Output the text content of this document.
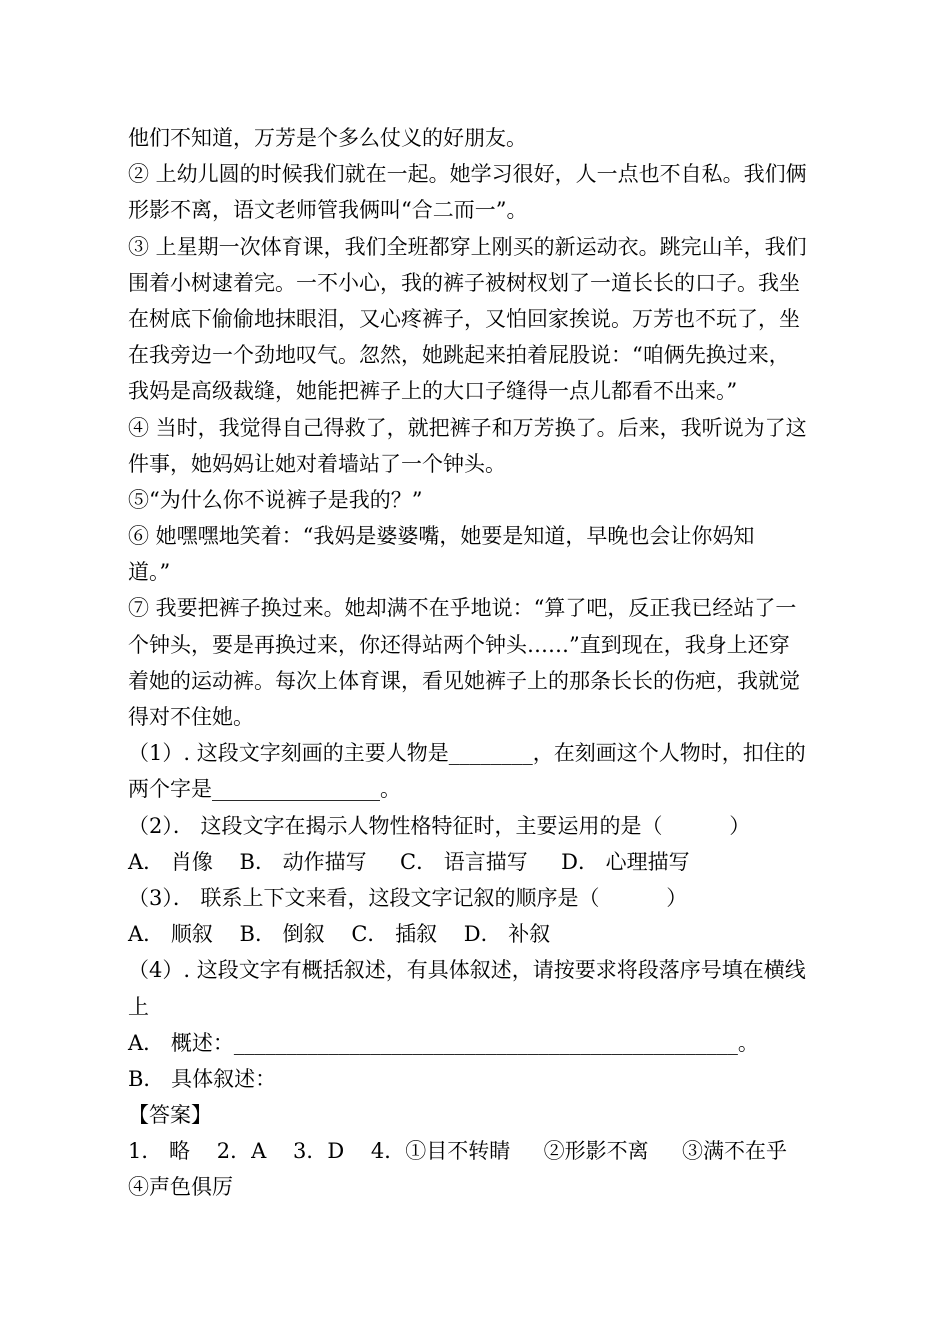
他们不知道，万芳是个多么仗义的好朋友。

② 上幼儿圆的时候我们就在一起。她学习很好，人一点也不自私。我们俩

形影不离，语文老师管我俩叫“合二而一”。

③ 上星期一次体育课，我们全班都穿上刚买的新运动衣。跳完山羊，我们

围着小树逮着完。一不小心，我的裤子被树杈划了一道长长的口子。我坐

在树底下偷偷地抹眼泪，又心疼裤子，又怕回家挨说。万芳也不玩了，坐

在我旁边一个劲地叹气。忽然，她跳起来拍着屁股说：“咱俩先换过来，

我妈是高级裁缝，她能把裤子上的大口子缝得一点儿都看不出来。”

④ 当时，我觉得自己得救了，就把裤子和万芳换了。后来，我听说为了这

件事，她妈妈让她对着墙站了一个钟头。

⑤“为什么你不说裤子是我的？”

⑥ 她嘿嘿地笑着：“我妈是婆婆嘴，她要是知道，早晚也会让你妈知

道。”

⑦ 我要把裤子换过来。她却满不在乎地说：“算了吧，反正我已经站了一

个钟头，要是再换过来，你还得站两个钟头……”直到现在，我身上还穿

着她的运动裤。每次上体育课，看见她裤子上的那条长长的伤疤，我就觉

得对不住她。

（1）. 这段文字刻画的主要人物是________，在刻画这个人物时，扣住的

两个字是________________。

（2）． 这段文字在揭示人物性格特征时，主要运用的是（          ）

A． 肖像    B． 动作描写     C． 语言描写     D． 心理描写

（3）． 联系上下文来看，这段文字记叙的顺序是（          ）

A． 顺叙    B． 倒叙    C． 插叙    D． 补叙

（4）. 这段文字有概括叙述，有具体叙述，请按要求将段落序号填在横线

上

A． 概述：________________________________________________。

B． 具体叙述：

【答案】

1． 略    2．A    3．D    4．①目不转睛     ②形影不离     ③满不在乎

④声色俱厉
